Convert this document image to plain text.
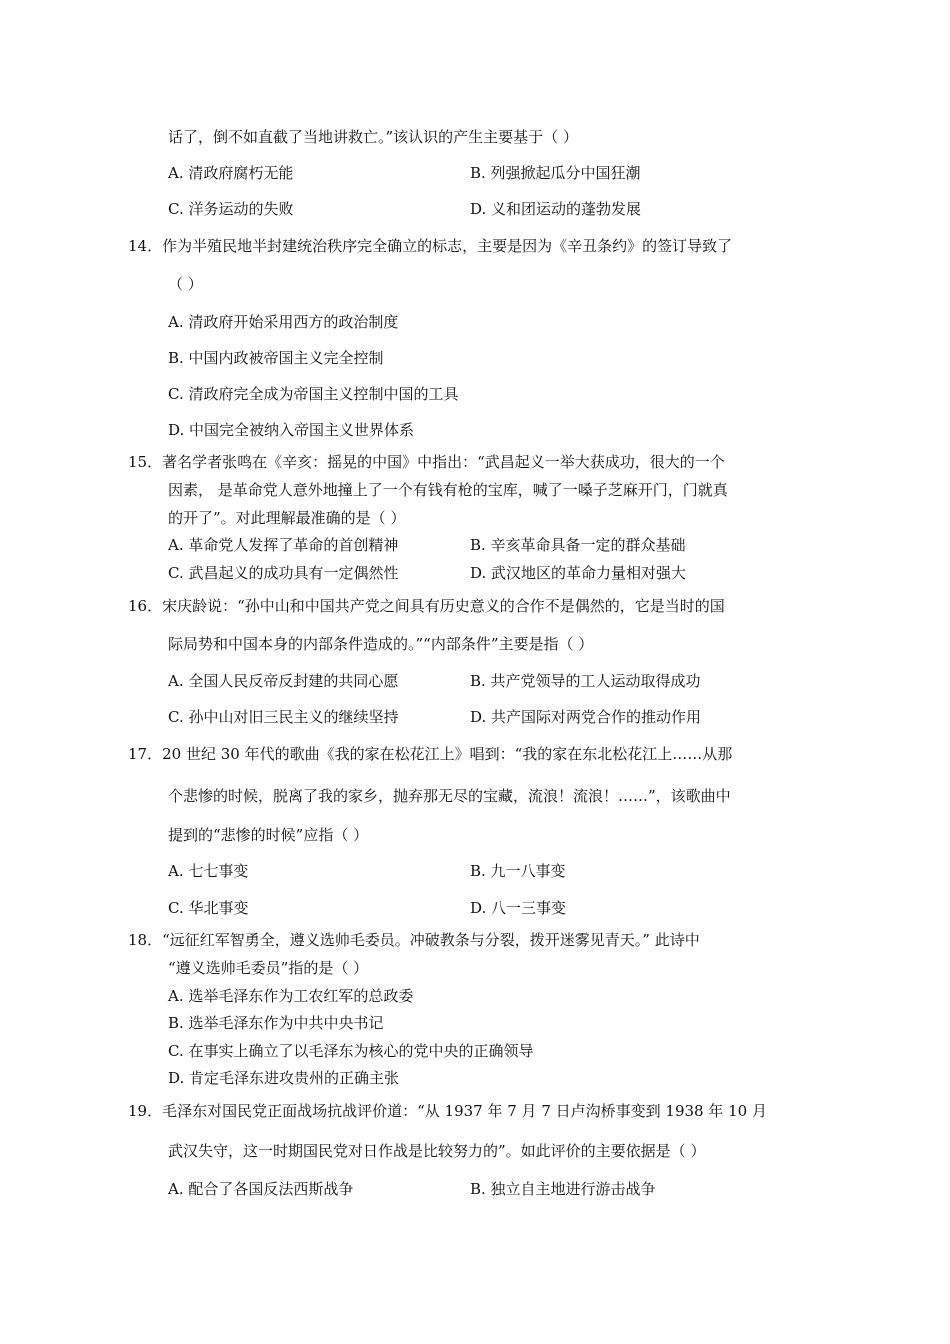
话了，倒不如直截了当地讲救亡。”该认识的产生主要基于（ ）
A. 清政府腐朽无能	B. 列强掀起瓜分中国狂潮
C. 洋务运动的失败	D. 义和团运动的蓬勃发展
14．作为半殖民地半封建统治秩序完全确立的标志，主要是因为《辛丑条约》的签订导致了
（ ）
A. 清政府开始采用西方的政治制度
B. 中国内政被帝国主义完全控制
C. 清政府完全成为帝国主义控制中国的工具
D. 中国完全被纳入帝国主义世界体系
15．著名学者张鸣在《辛亥：摇晃的中国》中指出：“武昌起义一举大获成功，很大的一个
因素， 是革命党人意外地撞上了一个有钱有枪的宝库，喊了一嗓子芝麻开门，门就真
的开了”。对此理解最准确的是（ ）
A. 革命党人发挥了革命的首创精神	B. 辛亥革命具备一定的群众基础
C. 武昌起义的成功具有一定偶然性	D. 武汉地区的革命力量相对强大
16．宋庆龄说：“孙中山和中国共产党之间具有历史意义的合作不是偶然的，它是当时的国
际局势和中国本身的内部条件造成的。”“内部条件”主要是指（ ）
A. 全国人民反帝反封建的共同心愿	B. 共产党领导的工人运动取得成功
C. 孙中山对旧三民主义的继续坚持	D. 共产国际对两党合作的推动作用
17．20 世纪 30 年代的歌曲《我的家在松花江上》唱到：“我的家在东北松花江上……从那
个悲惨的时候，脱离了我的家乡，抛弃那无尽的宝藏，流浪！流浪！……”，该歌曲中
提到的“悲惨的时候”应指（ ）
A. 七七事变	B. 九一八事变
C. 华北事变	D. 八一三事变
18．“远征红军智勇全，遵义选帅毛委员。冲破教条与分裂，拨开迷雾见青天。” 此诗中
“遵义选帅毛委员”指的是（ ）
A. 选举毛泽东作为工农红军的总政委
B. 选举毛泽东作为中共中央书记
C. 在事实上确立了以毛泽东为核心的党中央的正确领导
D. 肯定毛泽东进攻贵州的正确主张
19．毛泽东对国民党正面战场抗战评价道：“从 1937 年 7 月 7 日卢沟桥事变到 1938 年 10 月
武汉失守，这一时期国民党对日作战是比较努力的”。如此评价的主要依据是（ ）
A. 配合了各国反法西斯战争	B. 独立自主地进行游击战争
